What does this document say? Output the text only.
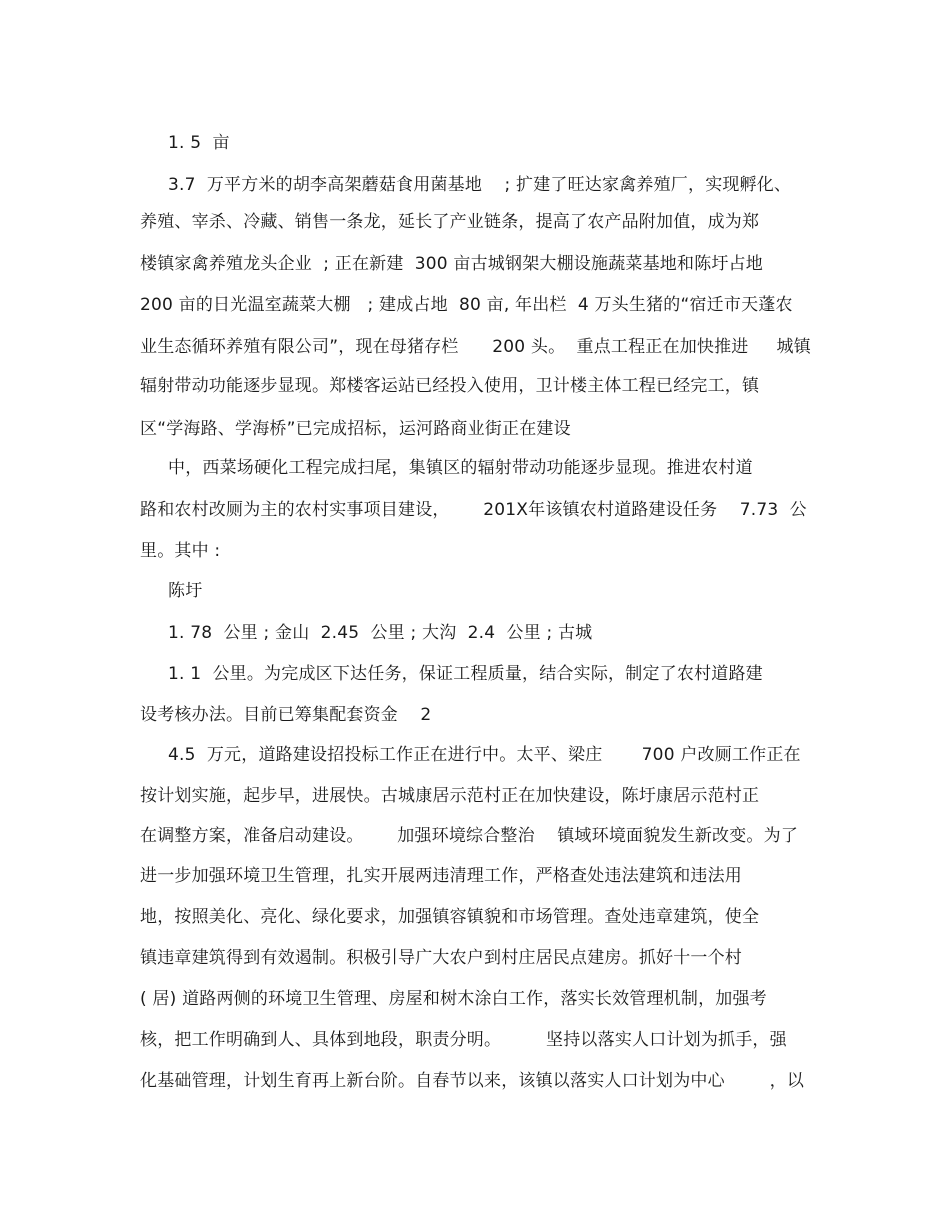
1. 5  亩
3.7  万平方米的胡李高架蘑菇食用菌基地    ; 扩建了旺达家禽养殖厂，实现孵化、
养殖、宰杀、冷藏、销售一条龙，延长了产业链条，提高了农产品附加值，成为郑
楼镇家禽养殖龙头企业  ; 正在新建  300 亩古城钢架大棚设施蔬菜基地和陈圩占地
200 亩的日光温室蔬菜大棚   ; 建成占地  80 亩, 年出栏  4 万头生猪的“宿迁市天蓬农
业生态循环养殖有限公司”，现在母猪存栏      200 头。  重点工程正在加快推进     城镇
辐射带动功能逐步显现。郑楼客运站已经投入使用，卫计楼主体工程已经完工，镇
区“学海路、学海桥”已完成招标，运河路商业街正在建设
中，西菜场硬化工程完成扫尾，集镇区的辐射带动功能逐步显现。推进农村道
路和农村改厕为主的农村实事项目建设，      201X年该镇农村道路建设任务    7.73  公
里。其中 :
陈圩
1. 78  公里 ; 金山  2.45  公里 ; 大沟  2.4  公里 ; 古城
1. 1  公里。为完成区下达任务，保证工程质量，结合实际，制定了农村道路建
设考核办法。目前已筹集配套资金    2
4.5  万元，道路建设招投标工作正在进行中。太平、梁庄       700 户改厕工作正在
按计划实施，起步早，进展快。古城康居示范村正在加快建设，陈圩康居示范村正
在调整方案，准备启动建设。      加强环境综合整治    镇域环境面貌发生新改变。为了
进一步加强环境卫生管理，扎实开展两违清理工作，严格查处违法建筑和违法用
地，按照美化、亮化、绿化要求，加强镇容镇貌和市场管理。查处违章建筑，使全
镇违章建筑得到有效遏制。积极引导广大农户到村庄居民点建房。抓好十一个村
( 居) 道路两侧的环境卫生管理、房屋和树木涂白工作，落实长效管理机制，加强考
核，把工作明确到人、具体到地段，职责分明。        坚持以落实人口计划为抓手，强
化基础管理，计划生育再上新台阶。自春节以来，该镇以落实人口计划为中心        ，以
